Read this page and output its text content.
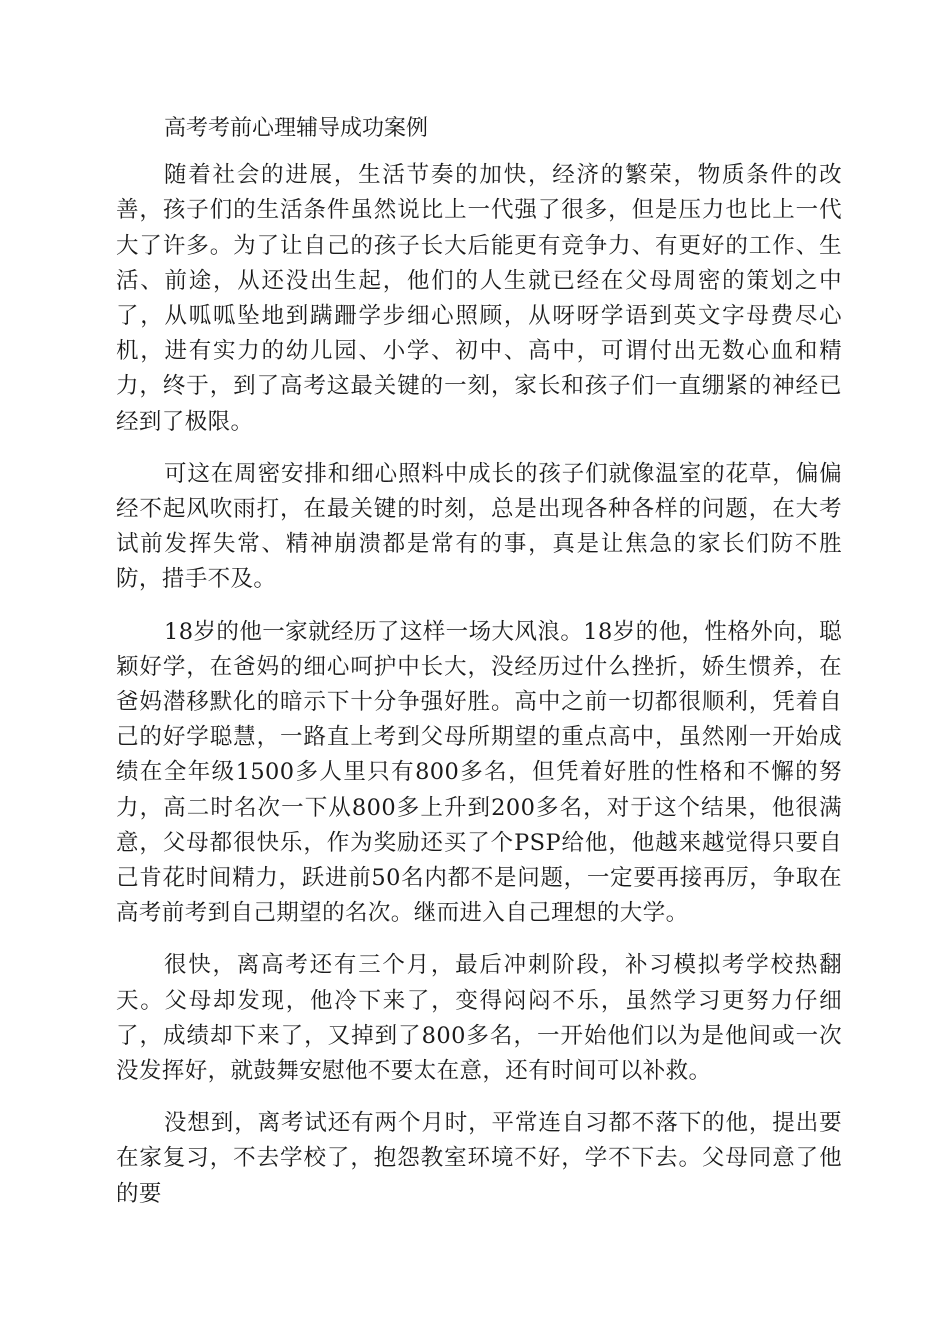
高考考前心理辅导成功案例

随着社会的进展，生活节奏的加快，经济的繁荣，物质条件的改善，孩子们的生活条件虽然说比上一代强了很多，但是压力也比上一代大了许多。为了让自己的孩子长大后能更有竞争力、有更好的工作、生活、前途，从还没出生起，他们的人生就已经在父母周密的策划之中了，从呱呱坠地到蹒跚学步细心照顾，从呀呀学语到英文字母费尽心机，进有实力的幼儿园、小学、初中、高中，可谓付出无数心血和精力，终于，到了高考这最关键的一刻，家长和孩子们一直绷紧的神经已经到了极限。

可这在周密安排和细心照料中成长的孩子们就像温室的花草，偏偏经不起风吹雨打，在最关键的时刻，总是出现各种各样的问题，在大考试前发挥失常、精神崩溃都是常有的事，真是让焦急的家长们防不胜防，措手不及。

18岁的他一家就经历了这样一场大风浪。18岁的他，性格外向，聪颖好学，在爸妈的细心呵护中长大，没经历过什么挫折，娇生惯养，在爸妈潜移默化的暗示下十分争强好胜。高中之前一切都很顺利，凭着自己的好学聪慧，一路直上考到父母所期望的重点高中，虽然刚一开始成绩在全年级1500多人里只有800多名，但凭着好胜的性格和不懈的努力，高二时名次一下从800多上升到200多名，对于这个结果，他很满意，父母都很快乐，作为奖励还买了个PSP给他，他越来越觉得只要自己肯花时间精力，跃进前50名内都不是问题，一定要再接再厉，争取在高考前考到自己期望的名次。继而进入自己理想的大学。

很快，离高考还有三个月，最后冲刺阶段，补习模拟考学校热翻天。父母却发现，他冷下来了，变得闷闷不乐，虽然学习更努力仔细了，成绩却下来了，又掉到了800多名，一开始他们以为是他间或一次没发挥好，就鼓舞安慰他不要太在意，还有时间可以补救。

没想到，离考试还有两个月时，平常连自习都不落下的他，提出要在家复习，不去学校了，抱怨教室环境不好，学不下去。父母同意了他的要
